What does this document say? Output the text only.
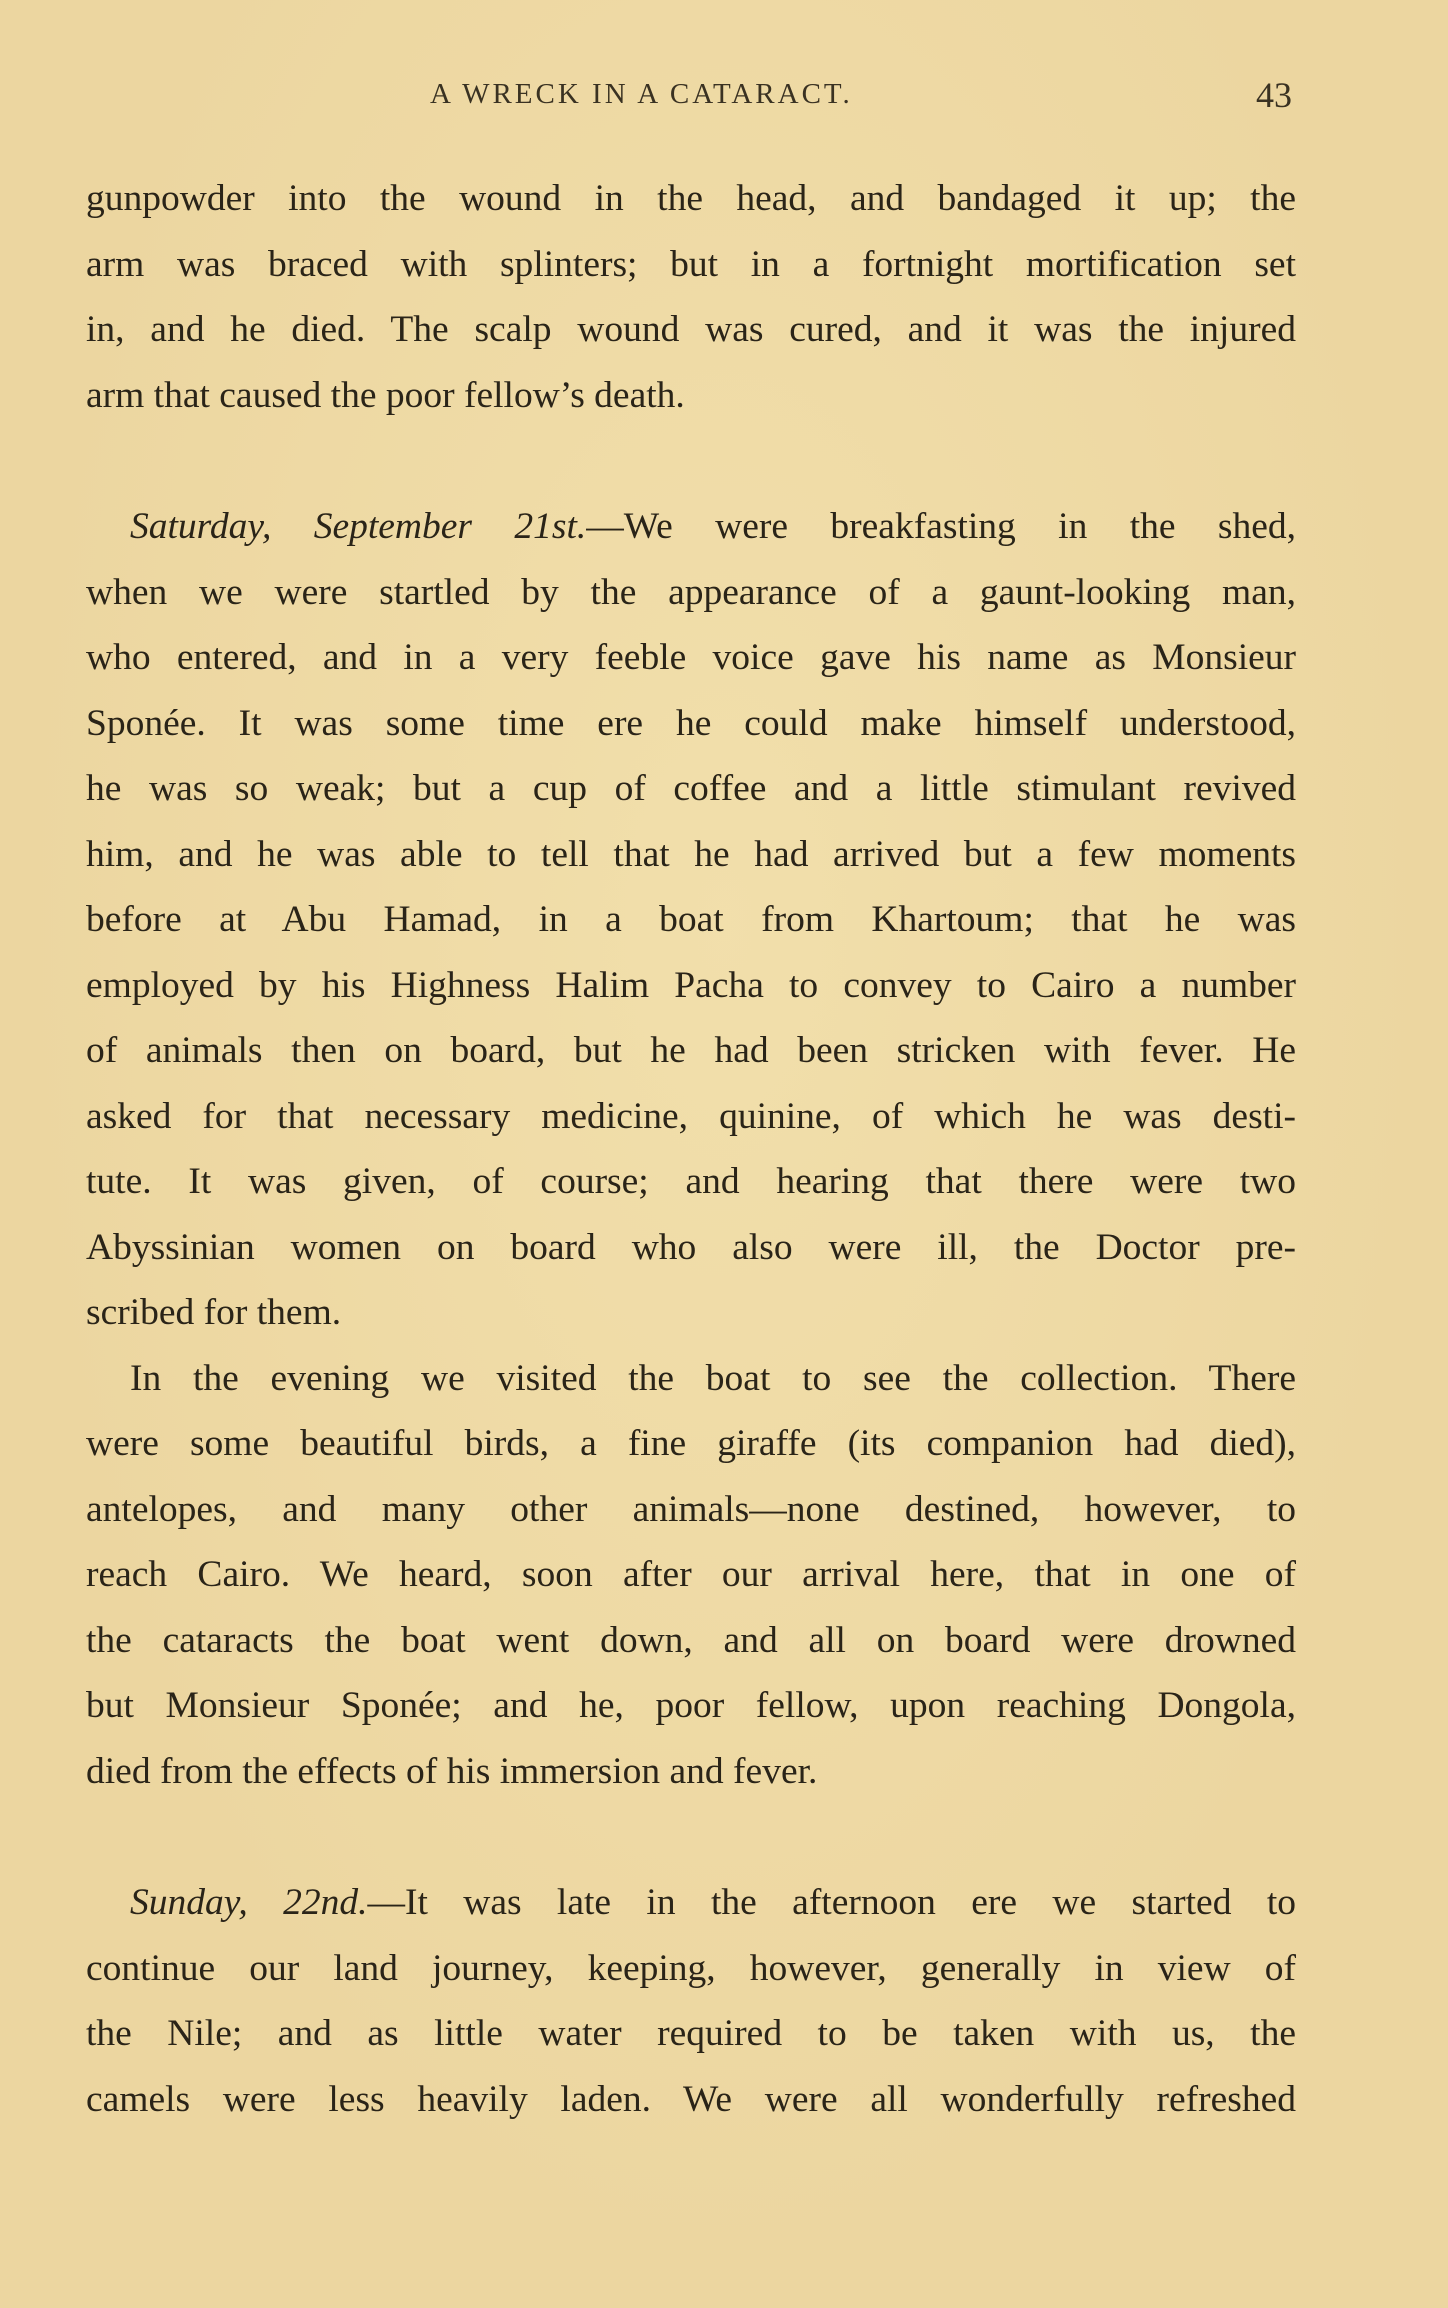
A WRECK IN A CATARACT.	43
gunpowder into the wound in the head, and bandaged it up; the
arm was braced with splinters; but in a fortnight mortification set
in, and he died. The scalp wound was cured, and it was the injured
arm that caused the poor fellow’s death.
Saturday, September 21st.—We were breakfasting in the shed,
when we were startled by the appearance of a gaunt-looking man,
who entered, and in a very feeble voice gave his name as Monsieur
Sponée. It was some time ere he could make himself understood,
he was so weak; but a cup of coffee and a little stimulant revived
him, and he was able to tell that he had arrived but a few moments
before at Abu Hamad, in a boat from Khartoum; that he was
employed by his Highness Halim Pacha to convey to Cairo a number
of animals then on board, but he had been stricken with fever. He
asked for that necessary medicine, quinine, of which he was desti-
tute. It was given, of course; and hearing that there were two
Abyssinian women on board who also were ill, the Doctor pre-
scribed for them.
In the evening we visited the boat to see the collection. There
were some beautiful birds, a fine giraffe (its companion had died),
antelopes, and many other animals—none destined, however, to
reach Cairo. We heard, soon after our arrival here, that in one of
the cataracts the boat went down, and all on board were drowned
but Monsieur Sponée; and he, poor fellow, upon reaching Dongola,
died from the effects of his immersion and fever.
Sunday, 22nd.—It was late in the afternoon ere we started to
continue our land journey, keeping, however, generally in view of
the Nile; and as little water required to be taken with us, the
camels were less heavily laden. We were all wonderfully refreshed
